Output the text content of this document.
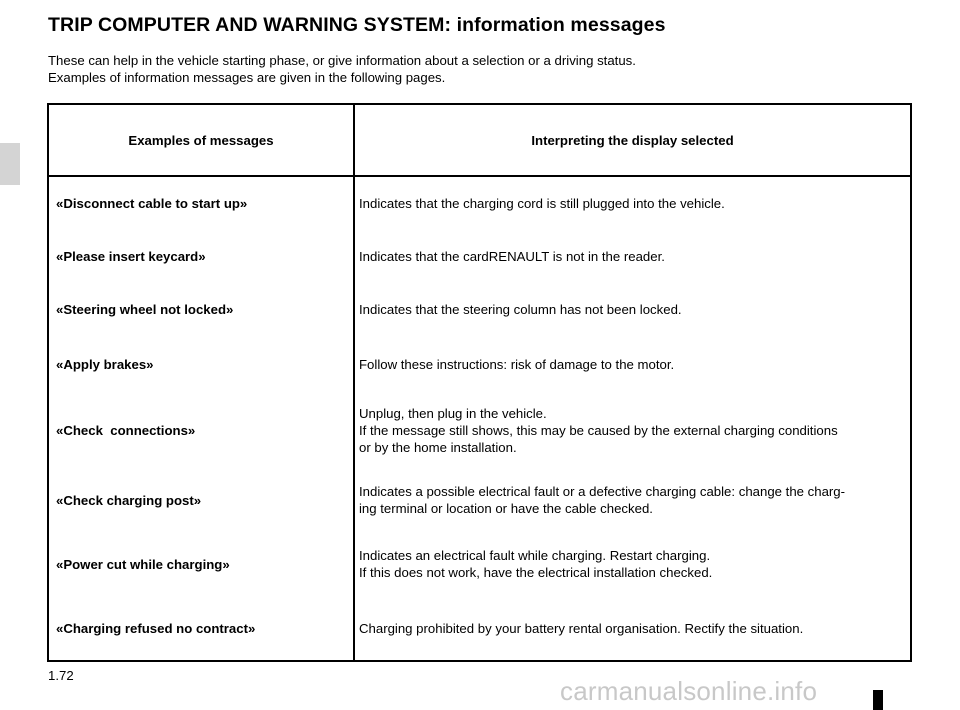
TRIP COMPUTER AND WARNING SYSTEM: information messages

These can help in the vehicle starting phase, or give information about a selection or a driving status.

Examples of information messages are given in the following pages.

Examples of messages	Interpreting the display selected
«Disconnect cable to start up»	Indicates that the charging cord is still plugged into the vehicle.

«Please insert keycard»	Indicates that the cardRENAULT is not in the reader.

«Steering wheel not locked»	Indicates that the steering column has not been locked.

«Apply brakes»	Follow these instructions: risk of damage to the motor.

«Check  connections»	Unplug, then plug in the vehicle.
If the message still shows, this may be caused by the external charging conditions
or by the home installation.

«Check charging post»	Indicates a possible electrical fault or a defective charging cable: change the charg-
ing terminal or location or have the cable checked.

«Power cut while charging»	Indicates an electrical fault while charging. Restart charging.
If this does not work, have the electrical installation checked.

«Charging refused no contract»	Charging prohibited by your battery rental organisation. Rectify the situation.
1.72
carmanualsonline.info
